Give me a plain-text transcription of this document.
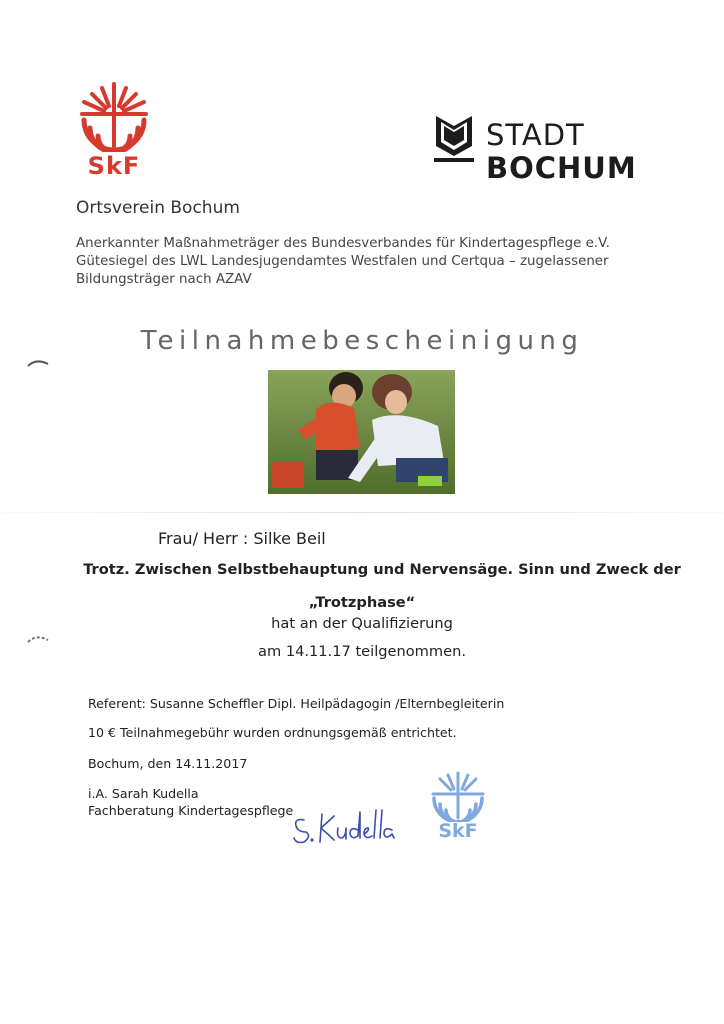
SkF
STADT
BOCHUM
Ortsverein Bochum
Anerkannter Maßnahmeträger des Bundesverbandes für Kindertagespflege e.V.
Gütesiegel des LWL Landesjugendamtes Westfalen und Certqua – zugelassener
Bildungsträger nach AZAV
Teilnahmebescheinigung
Frau/ Herr : Silke Beil
Trotz. Zwischen Selbstbehauptung und Nervensäge. Sinn und Zweck der
„Trotzphase“
hat an der Qualifizierung
am 14.11.17 teilgenommen.
Referent: Susanne Scheffler Dipl. Heilpädagogin /Elternbegleiterin
10 € Teilnahmegebühr wurden ordnungsgemäß entrichtet.
Bochum, den 14.11.2017
i.A. Sarah Kudella
Fachberatung Kindertagespflege
SkF
